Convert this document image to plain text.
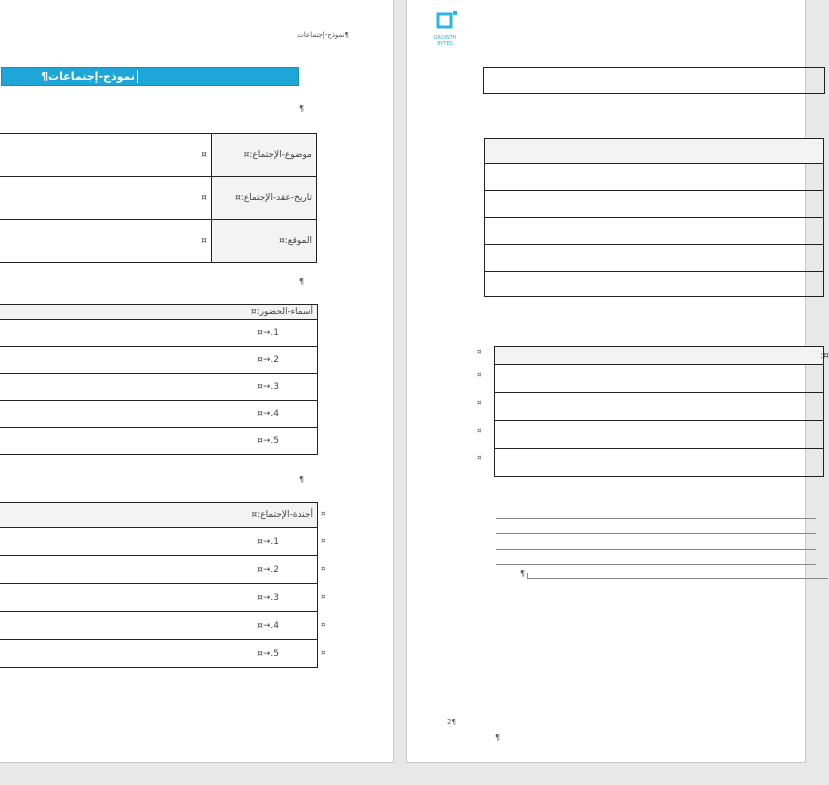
نموذج-إجتماعات¶
نموذج-إجتماعات¶
¶
¤	موضوع-الإجتماع:¤
¤	تاريخ-عقد-الإجتماع:¤
¤	الموقع:¤
¶
أسماء-الحضور:¤
1.→¤
2.→¤
3.→¤
4.→¤
5.→¤
¶
أجندة-الإجتماع:¤
1.→¤
2.→¤
3.→¤
4.→¤
5.→¤
¤
¤
¤
¤
¤
¤
GROWTH
BYTES

¤
¤
¤
¤
¤
¤:

¶
2¶
¶
